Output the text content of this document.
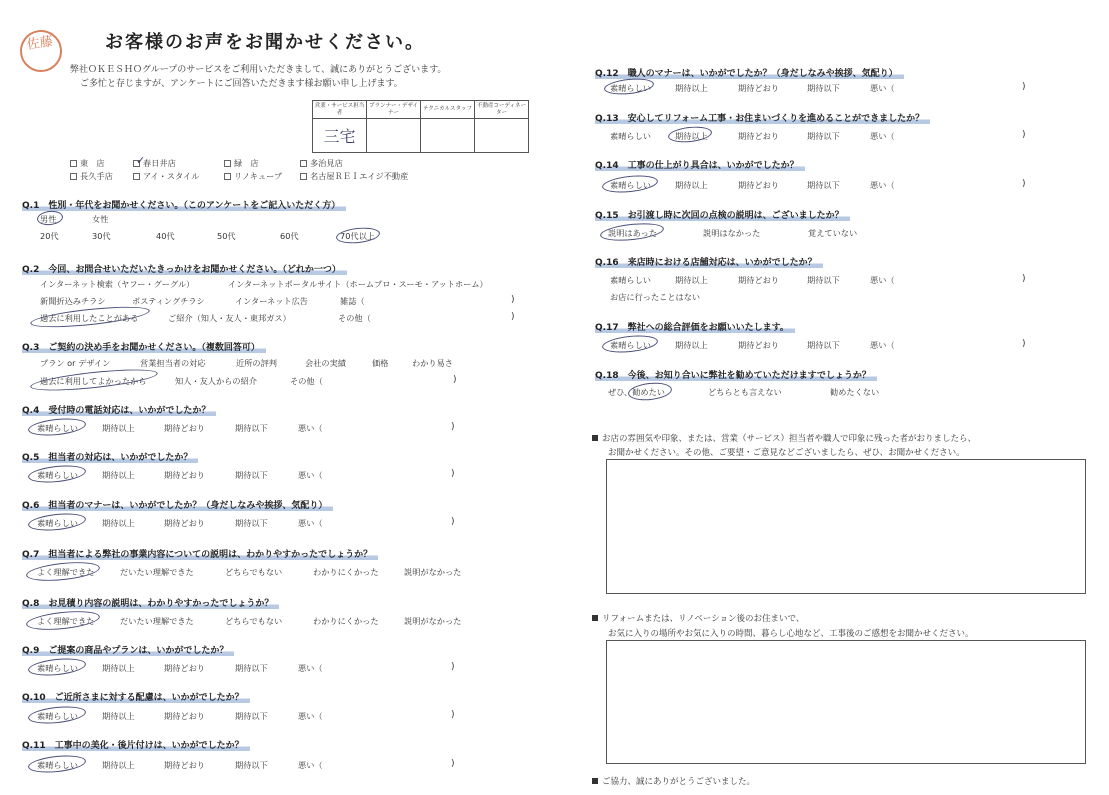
佐藤	お客様のお声をお聞かせください。
弊社ＯＫＥＳＨＯグループのサービスをご利用いただきまして、誠にありがとうございます。
ご多忙と存じますが、アンケートにご回答いただきます様お願い申し上げます。
営業・サービス担当者	プランナー・デザイナー	テクニカルスタッフ	不動産コーディネーター
三宅			
東　店	春日井店	緑　店	多治見店
長久手店	アイ・スタイル	リノキューブ	名古屋ＲＥＩエイジ不動産
✓
Q.1　性別・年代をお聞かせください。（このアンケートをご記入いただく方）
男性	女性
20代	30代	40代	50代	60代	70代以上
Q.2　今回、お問合せいただいたきっかけをお聞かせください。（どれか一つ）
インターネット検索（ヤフー・グーグル）	インターネットポータルサイト（ホームプロ・スーモ・アットホーム）
新聞折込みチラシ	ポスティングチラシ	インターネット広告	雑誌（	)
過去に利用したことがある	ご紹介（知人・友人・東邦ガス）	その他（	)
Q.3　ご契約の決め手をお聞かせください。（複数回答可）
プラン or デザイン	営業担当者の対応	近所の評判	会社の実績	価格	わかり易さ
過去に利用してよかったから	知人・友人からの紹介	その他（	)
Q.4　受付時の電話対応は、いかがでしたか？
素晴らしい	期待以上	期待どおり	期待以下	悪い（	)
Q.5　担当者の対応は、いかがでしたか？
素晴らしい	期待以上	期待どおり	期待以下	悪い（	)
Q.6　担当者のマナーは、いかがでしたか？（身だしなみや挨拶、気配り）
素晴らしい	期待以上	期待どおり	期待以下	悪い（	)
Q.7　担当者による弊社の事業内容についての説明は、わかりやすかったでしょうか？
よく理解できた	だいたい理解できた	どちらでもない	わかりにくかった	説明がなかった
Q.8　お見積り内容の説明は、わかりやすかったでしょうか？
よく理解できた	だいたい理解できた	どちらでもない	わかりにくかった	説明がなかった
Q.9　ご提案の商品やプランは、いかがでしたか？
素晴らしい	期待以上	期待どおり	期待以下	悪い（	)
Q.10　ご近所さまに対する配慮は、いかがでしたか？
素晴らしい	期待以上	期待どおり	期待以下	悪い（	)
Q.11　工事中の美化・後片付けは、いかがでしたか？
素晴らしい	期待以上	期待どおり	期待以下	悪い（	)
Q.12　職人のマナーは、いかがでしたか？（身だしなみや挨拶、気配り）
素晴らしい	期待以上	期待どおり	期待以下	悪い（	)
Q.13　安心してリフォーム工事・お住まいづくりを進めることができましたか？
素晴らしい	期待以上	期待どおり	期待以下	悪い（	)
Q.14　工事の仕上がり具合は、いかがでしたか？
素晴らしい	期待以上	期待どおり	期待以下	悪い（	)
Q.15　お引渡し時に次回の点検の説明は、ございましたか？
説明はあった	説明はなかった	覚えていない
Q.16　来店時における店舗対応は、いかがでしたか？
素晴らしい	期待以上	期待どおり	期待以下	悪い（	)
お店に行ったことはない
Q.17　弊社への総合評価をお願いいたします。
素晴らしい	期待以上	期待どおり	期待以下	悪い（	)
Q.18　今後、お知り合いに弊社を勧めていただけますでしょうか？
ぜひ、勧めたい	どちらとも言えない	勧めたくない
お店の雰囲気や印象、または、営業（サービス）担当者や職人で印象に残った者がおりましたら、
お聞かせください。その他、ご要望・ご意見などございましたら、ぜひ、お聞かせください。
リフォームまたは、リノベーション後のお住まいで、
お気に入りの場所やお気に入りの時間、暮らし心地など、工事後のご感想をお聞かせください。
ご協力、誠にありがとうございました。
